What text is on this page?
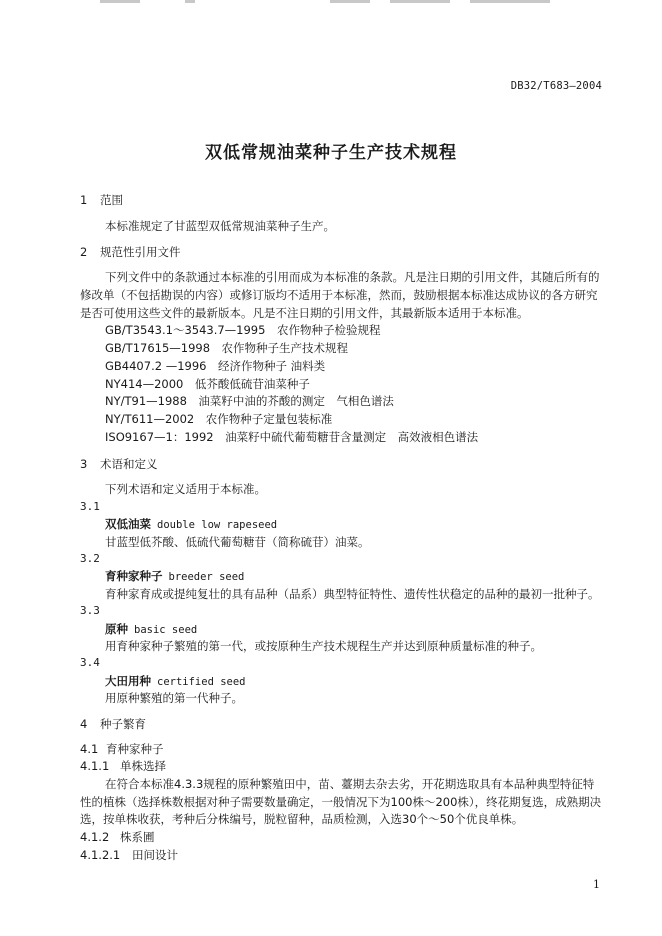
DB32/T683—2004
双低常规油菜种子生产技术规程
1 范围
本标准规定了甘蓝型双低常规油菜种子生产。
2 规范性引用文件
下列文件中的条款通过本标准的引用而成为本标准的条款。凡是注日期的引用文件，其随后所有的
修改单（不包括勘误的内容）或修订版均不适用于本标准，然而，鼓励根据本标准达成协议的各方研究
是否可使用这些文件的最新版本。凡是不注日期的引用文件，其最新版本适用于本标准。
GB/T3543.1～3543.7—1995　农作物种子检验规程
GB/T17615—1998　农作物种子生产技术规程
GB4407.2 —1996　经济作物种子 油料类
NY414—2000　低芥酸低硫苷油菜种子
NY/T91—1988　油菜籽中油的芥酸的测定　气相色谱法
NY/T611—2002　农作物种子定量包装标准
ISO9167—1：1992　油菜籽中硫代葡萄糖苷含量测定　高效液相色谱法
3 术语和定义
下列术语和定义适用于本标准。
3.1
双低油菜 double low rapeseed
甘蓝型低芥酸、低硫代葡萄糖苷（简称硫苷）油菜。
3.2
育种家种子 breeder seed
育种家育成或提纯复壮的具有品种（品系）典型特征特性、遗传性状稳定的品种的最初一批种子。
3.3
原种 basic seed
用育种家种子繁殖的第一代，或按原种生产技术规程生产并达到原种质量标准的种子。
3.4
大田用种 certified seed
用原种繁殖的第一代种子。
4 种子繁育
4.1 育种家种子
4.1.1 单株选择
在符合本标准4.3.3规程的原种繁殖田中，苗、薹期去杂去劣，开花期选取具有本品种典型特征特
性的植株（选择株数根据对种子需要数量确定，一般情况下为100株～200株），终花期复选，成熟期决
选，按单株收获，考种后分株编号，脱粒留种，品质检测，入选30个～50个优良单株。
4.1.2 株系圃
4.1.2.1 田间设计
1
